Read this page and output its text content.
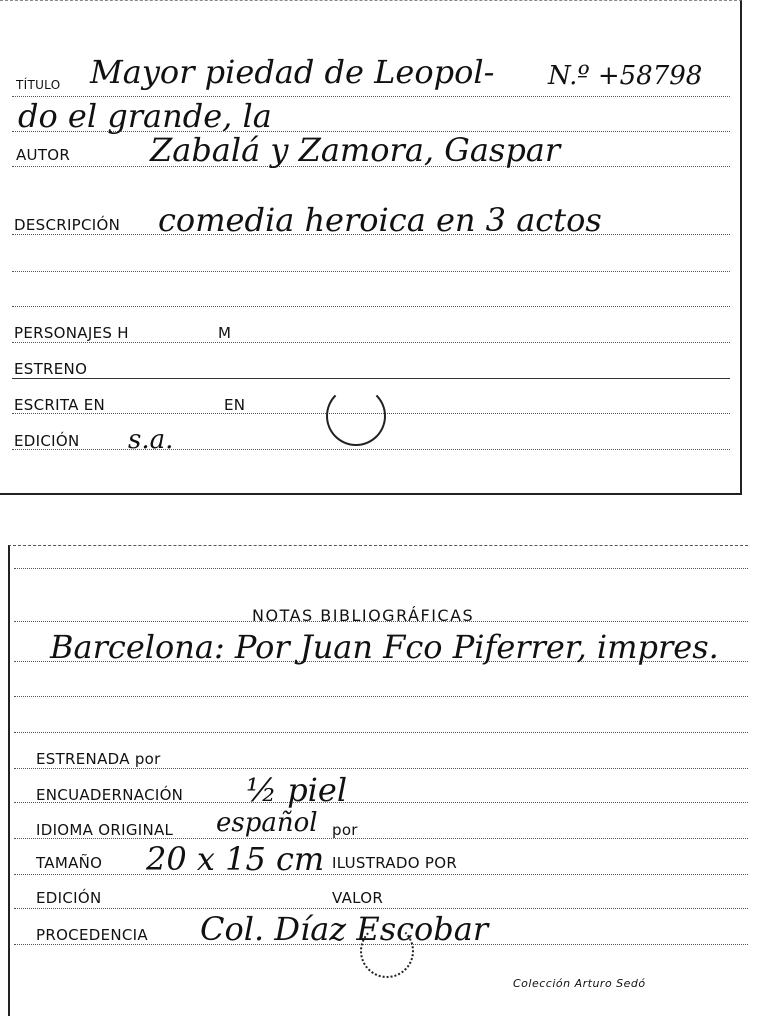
TÍTULO Mayor piedad de Leopol- N.º +58798
do el grande, la
AUTOR Zabalá y Zamora, Gaspar
DESCRIPCIÓN comedia heroica en 3 actos
PERSONAJES H	M
ESTRENO
ESCRITA EN	EN
EDICIÓN s.a.
NOTAS BIBLIOGRÁFICAS
Barcelona: Por Juan Fco Piferrer, impres.
ESTRENADA por
ENCUADERNACIÓN ½ piel
IDIOMA ORIGINAL español por
TAMAÑO 20 x 15 cm ILUSTRADO POR
EDICIÓN	VALOR
PROCEDENCIA Col. Díaz Escobar
Colección Arturo Sedó
